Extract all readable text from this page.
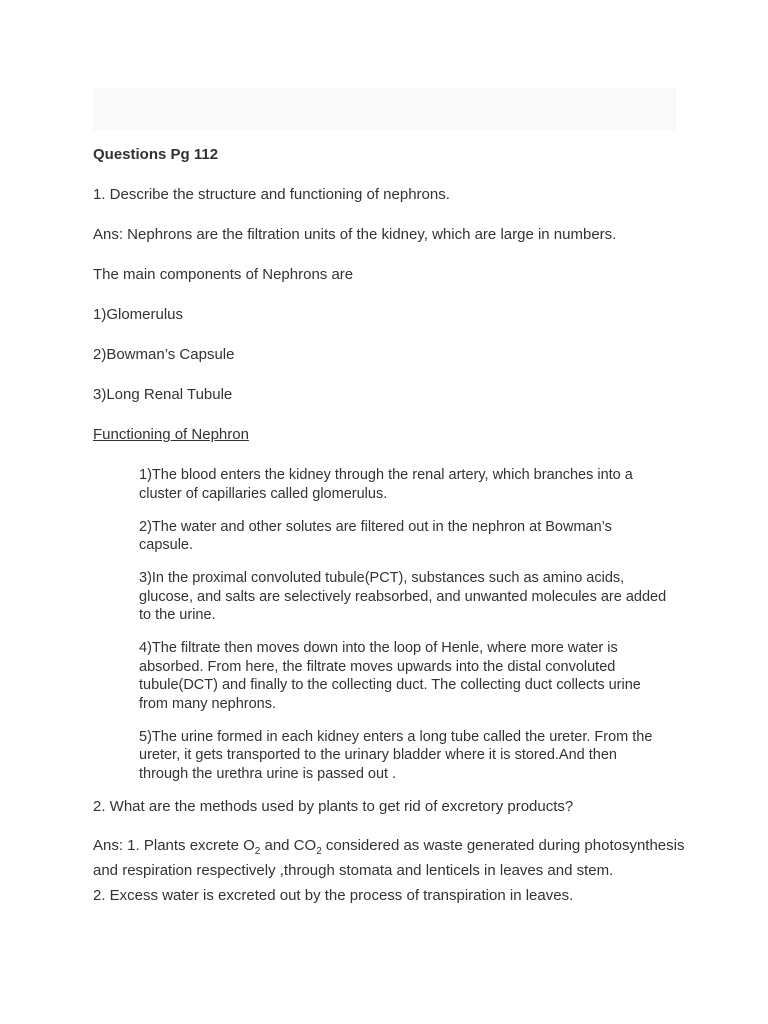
Questions Pg 112
1. Describe the structure and functioning of nephrons.
Ans: Nephrons are the filtration units of the kidney, which are large in numbers.
The main components of Nephrons are
1)Glomerulus
2)Bowman’s Capsule
3)Long Renal Tubule
Functioning of Nephron
1)The blood enters the kidney through the renal artery, which branches into a cluster of capillaries called glomerulus.
2)The water and other solutes are filtered out in the nephron at Bowman’s capsule.
3)In the proximal convoluted tubule(PCT), substances such as amino acids, glucose, and salts are selectively reabsorbed, and unwanted molecules are added to the urine.
4)The filtrate then moves down into the loop of Henle, where more water is absorbed. From here, the filtrate moves upwards into the distal convoluted tubule(DCT) and finally to the collecting duct. The collecting duct collects urine from many nephrons.
5)The urine formed in each kidney enters a long tube called the ureter. From the ureter, it gets transported to the urinary bladder where it is stored.And then through the urethra urine is passed out .
2. What are the methods used by plants to get rid of excretory products?
Ans: 1. Plants excrete $O_2$ and $CO_2$ considered as waste generated during photosynthesis and respiration respectively ,through stomata and lenticels in leaves and stem.
2. Excess water is excreted out by the process of transpiration in leaves.
